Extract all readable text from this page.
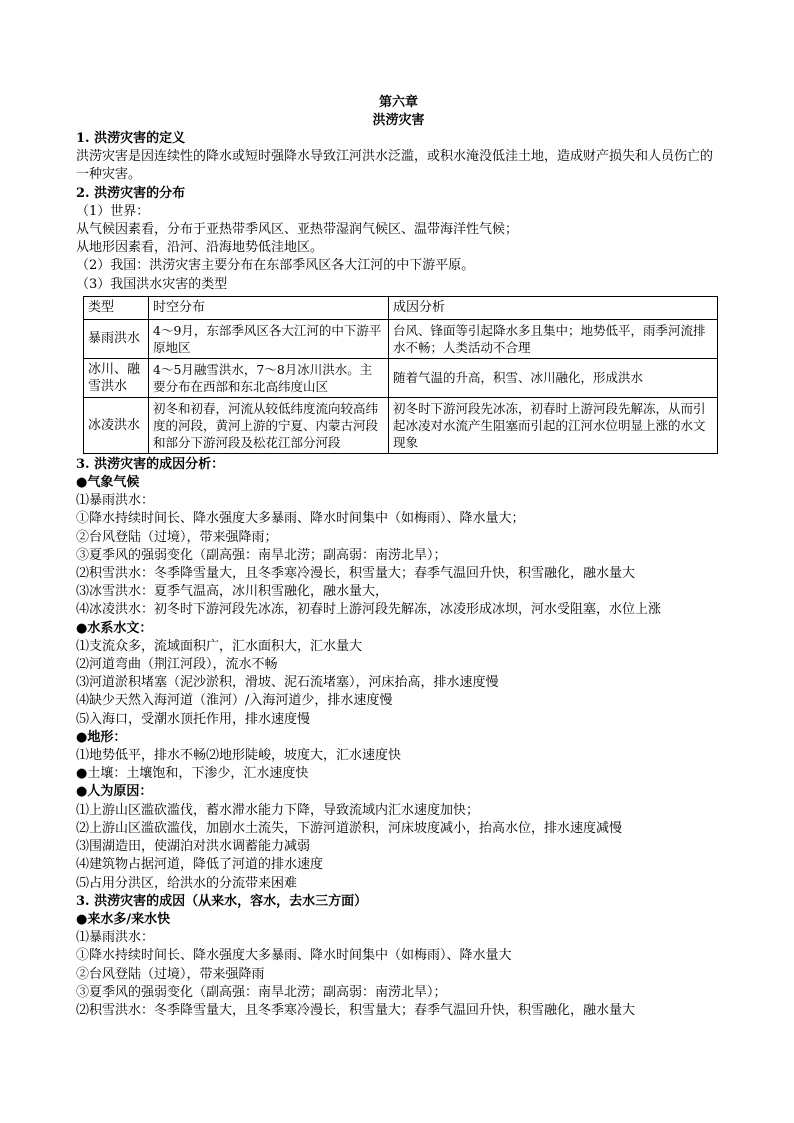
第六章
洪涝灾害
1. 洪涝灾害的定义
洪涝灾害是因连续性的降水或短时强降水导致江河洪水泛滥，或积水淹没低洼土地，造成财产损失和人员伤亡的一种灾害。
2. 洪涝灾害的分布
（1）世界：
从气候因素看，分布于亚热带季风区、亚热带湿润气候区、温带海洋性气候；
从地形因素看，沿河、沿海地势低洼地区。
（2）我国：洪涝灾害主要分布在东部季风区各大江河的中下游平原。
（3）我国洪水灾害的类型
类型	时空分布	成因分析
暴雨洪水	4～9月，东部季风区各大江河的中下游平原地区	台风、锋面等引起降水多且集中；地势低平，雨季河流排水不畅；人类活动不合理
冰川、融雪洪水	4～5月融雪洪水，7～8月冰川洪水。主要分布在西部和东北高纬度山区	随着气温的升高，积雪、冰川融化，形成洪水
冰凌洪水	初冬和初春，河流从较低纬度流向较高纬度的河段，黄河上游的宁夏、内蒙古河段和部分下游河段及松花江部分河段	初冬时下游河段先冰冻，初春时上游河段先解冻，从而引起冰凌对水流产生阻塞而引起的江河水位明显上涨的水文现象
3. 洪涝灾害的成因分析：
●气象气候
⑴暴雨洪水：
①降水持续时间长、降水强度大多暴雨、降水时间集中（如梅雨）、降水量大；
②台风登陆（过境），带来强降雨；
③夏季风的强弱变化（副高强：南旱北涝；副高弱：南涝北旱）；
⑵积雪洪水：冬季降雪量大，且冬季寒冷漫长，积雪量大；春季气温回升快，积雪融化，融水量大
⑶冰雪洪水：夏季气温高，冰川积雪融化，融水量大，
⑷冰凌洪水：初冬时下游河段先冰冻，初春时上游河段先解冻，冰凌形成冰坝，河水受阻塞，水位上涨
●水系水文：
⑴支流众多，流域面积广，汇水面积大，汇水量大
⑵河道弯曲（荆江河段），流水不畅
⑶河道淤积堵塞（泥沙淤积，滑坡、泥石流堵塞），河床抬高，排水速度慢
⑷缺少天然入海河道（淮河）/入海河道少，排水速度慢
⑸入海口，受潮水顶托作用，排水速度慢
●地形：
⑴地势低平，排水不畅⑵地形陡峻，坡度大，汇水速度快
●土壤：土壤饱和，下渗少，汇水速度快
●人为原因：
⑴上游山区滥砍滥伐，蓄水滞水能力下降，导致流域内汇水速度加快；
⑵上游山区滥砍滥伐，加剧水土流失，下游河道淤积，河床坡度减小，抬高水位，排水速度减慢
⑶围湖造田，使湖泊对洪水调蓄能力减弱
⑷建筑物占据河道，降低了河道的排水速度
⑸占用分洪区，给洪水的分流带来困难
3. 洪涝灾害的成因（从来水，容水，去水三方面）
●来水多/来水快
⑴暴雨洪水：
①降水持续时间长、降水强度大多暴雨、降水时间集中（如梅雨）、降水量大
②台风登陆（过境），带来强降雨
③夏季风的强弱变化（副高强：南旱北涝；副高弱：南涝北旱）；
⑵积雪洪水：冬季降雪量大，且冬季寒冷漫长，积雪量大；春季气温回升快，积雪融化，融水量大
